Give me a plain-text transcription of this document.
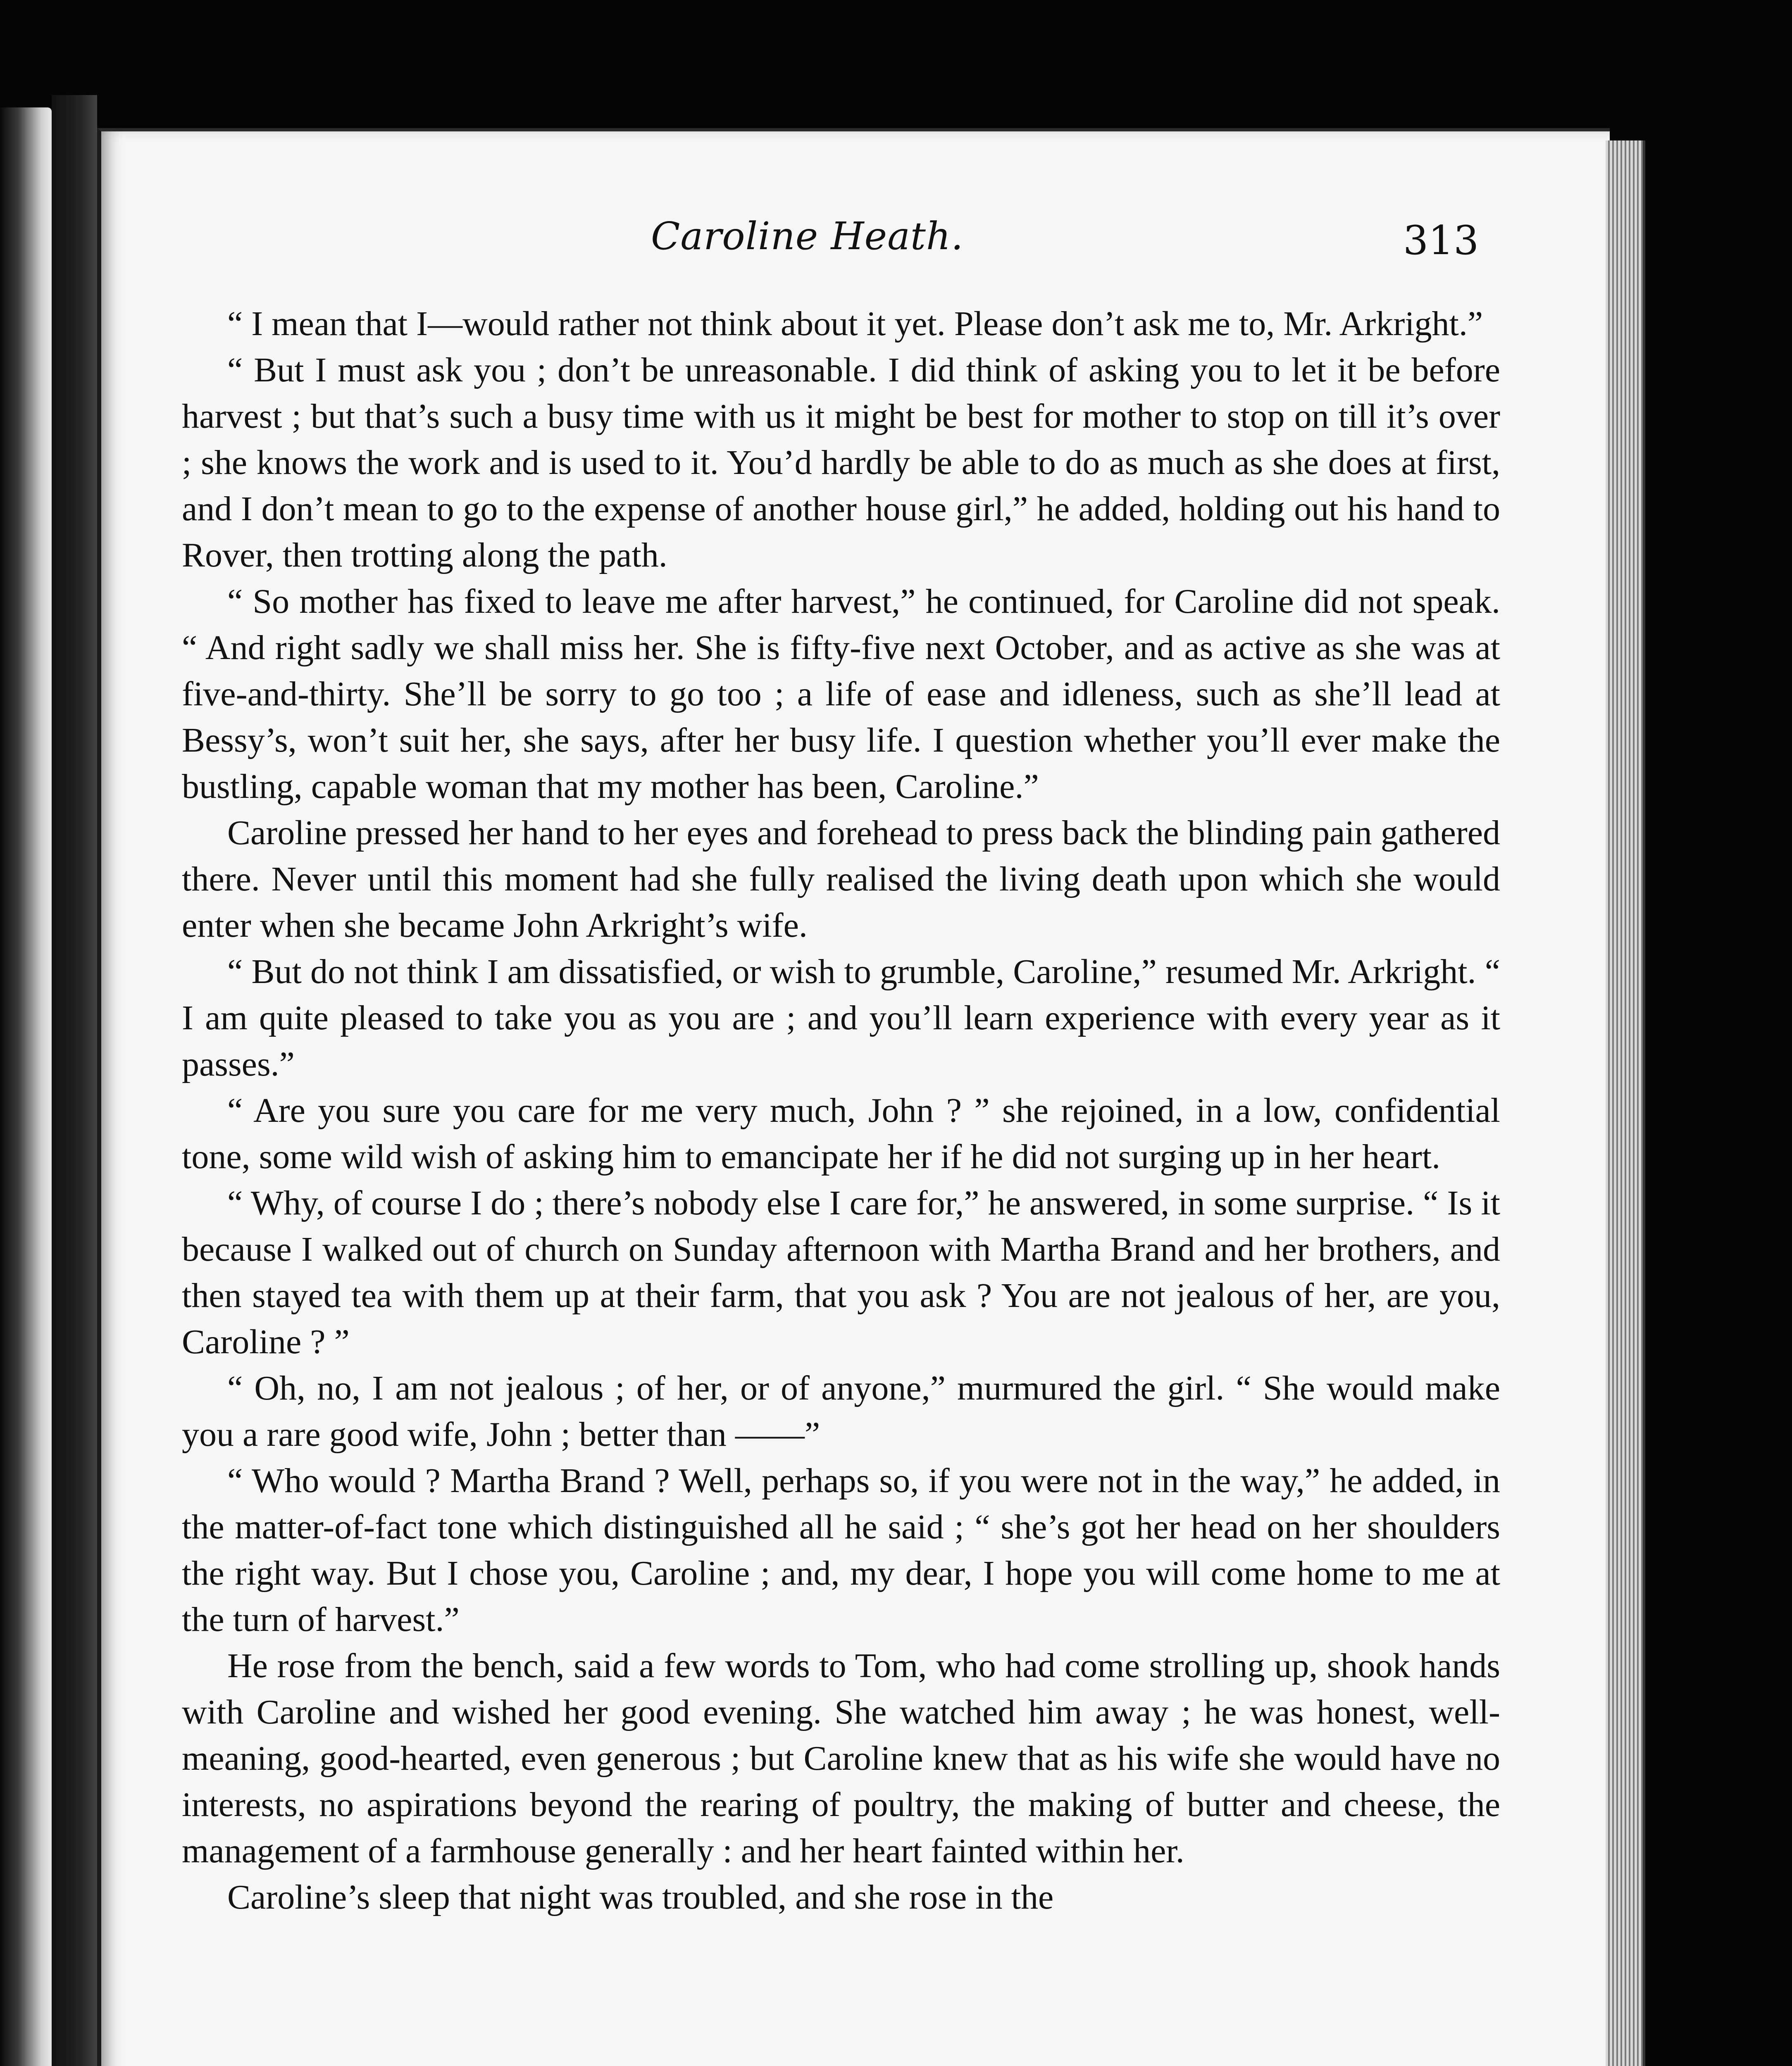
Caroline Heath.	313

“ I mean that I—would rather not think about it yet. Please don’t ask me to, Mr. Arkright.”

“ But I must ask you ; don’t be unreasonable. I did think of asking you to let it be before harvest ; but that’s such a busy time with us it might be best for mother to stop on till it’s over ; she knows the work and is used to it. You’d hardly be able to do as much as she does at first, and I don’t mean to go to the expense of another house girl,” he added, holding out his hand to Rover, then trotting along the path.

“ So mother has fixed to leave me after harvest,” he continued, for Caroline did not speak. “ And right sadly we shall miss her. She is fifty-five next October, and as active as she was at five-and-thirty. She’ll be sorry to go too ; a life of ease and idleness, such as she’ll lead at Bessy’s, won’t suit her, she says, after her busy life. I question whether you’ll ever make the bustling, capable woman that my mother has been, Caroline.”

Caroline pressed her hand to her eyes and forehead to press back the blinding pain gathered there. Never until this moment had she fully realised the living death upon which she would enter when she became John Arkright’s wife.

“ But do not think I am dissatisfied, or wish to grumble, Caroline,” resumed Mr. Arkright. “ I am quite pleased to take you as you are ; and you’ll learn experience with every year as it passes.”

“ Are you sure you care for me very much, John ? ” she rejoined, in a low, confidential tone, some wild wish of asking him to emancipate her if he did not surging up in her heart.

“ Why, of course I do ; there’s nobody else I care for,” he answered, in some surprise. “ Is it because I walked out of church on Sunday afternoon with Martha Brand and her brothers, and then stayed tea with them up at their farm, that you ask ? You are not jealous of her, are you, Caroline ? ”

“ Oh, no, I am not jealous ; of her, or of anyone,” murmured the girl. “ She would make you a rare good wife, John ; better than ——”

“ Who would ? Martha Brand ? Well, perhaps so, if you were not in the way,” he added, in the matter-of-fact tone which distinguished all he said ; “ she’s got her head on her shoulders the right way. But I chose you, Caroline ; and, my dear, I hope you will come home to me at the turn of harvest.”

He rose from the bench, said a few words to Tom, who had come strolling up, shook hands with Caroline and wished her good evening. She watched him away ; he was honest, well-meaning, good-hearted, even generous ; but Caroline knew that as his wife she would have no interests, no aspirations beyond the rearing of poultry, the making of butter and cheese, the management of a farmhouse generally : and her heart fainted within her.

Caroline’s sleep that night was troubled, and she rose in the
